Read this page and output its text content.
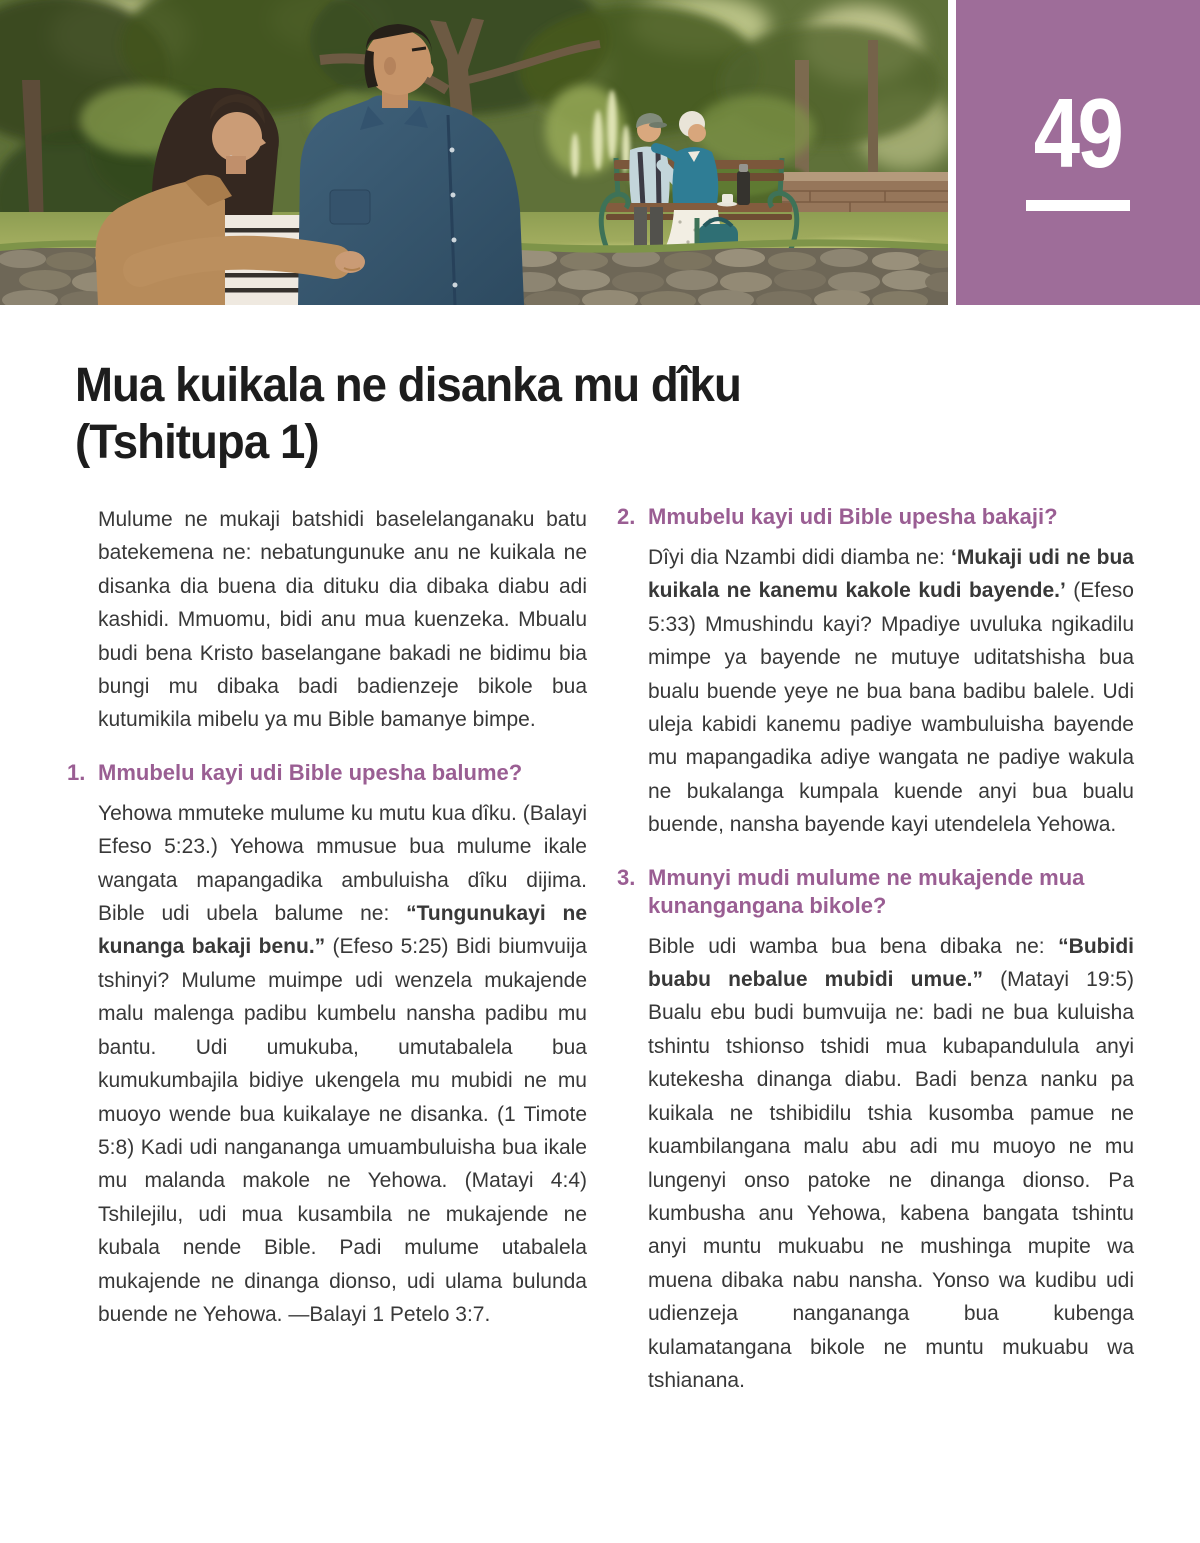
49
Mua kuikala ne disanka mu dîku
(Tshitupa 1)

Mulume ne mukaji batshidi baselelanganaku batu batekemena ne: nebatungunuke anu ne kuikala ne disanka dia buena dia dituku dia dibaka diabu adi kashidi. Mmuomu, bidi anu mua kuenzeka. Mbualu budi bena Kristo baselangane bakadi ne bidimu bia bungi mu dibaka badi badienzeje bikole bua kutumikila mibelu ya mu Bible bamanye bimpe.

1. Mmubelu kayi udi Bible upesha balume?

Yehowa mmuteke mulume ku mutu kua dîku. (Balayi Efeso 5:23.) Yehowa mmusue bua mulume ikale wangata mapangadika ambuluisha dîku dijima. Bible udi ubela balume ne: “Tungunukayi ne kunanga bakaji benu.” (Efeso 5:25) Bidi biumvuija tshinyi? Mulume muimpe udi wenzela mukajende malu malenga padibu kumbelu nansha padibu mu bantu. Udi umukuba, umutabalela bua kumukumbajila bidiye ukengela mu mubidi ne mu muoyo wende bua kuikalaye ne disanka. (1 Timote 5:8) Kadi udi nangananga umuambuluisha bua ikale mu malanda makole ne Yehowa. (Matayi 4:4) Tshilejilu, udi mua kusambila ne mukajende ne kubala nende Bible. Padi mulume utabalela mukajende ne dinanga dionso, udi ulama bulunda buende ne Yehowa. —Balayi 1 Petelo 3:7.

2. Mmubelu kayi udi Bible upesha bakaji?

Dîyi dia Nzambi didi diamba ne: ‘Mukaji udi ne bua kuikala ne kanemu kakole kudi bayende.’ (Efeso 5:33) Mmushindu kayi? Mpadiye uvuluka ngikadilu mimpe ya bayende ne mutuye uditatshisha bua bualu buende yeye ne bua bana badibu balele. Udi uleja kabidi kanemu padiye wambuluisha bayende mu mapangadika adiye wangata ne padiye wakula ne bukalanga kumpala kuende anyi bua bualu buende, nansha bayende kayi utendelela Yehowa.

3. Mmunyi mudi mulume ne mukajende mua kunangangana bikole?

Bible udi wamba bua bena dibaka ne: “Bubidi buabu nebalue mubidi umue.” (Matayi 19:5) Bualu ebu budi bumvuija ne: badi ne bua kuluisha tshintu tshionso tshidi mua kubapandulula anyi kutekesha dinanga diabu. Badi benza nanku pa kuikala ne tshibidilu tshia kusomba pamue ne kuambilangana malu abu adi mu muoyo ne mu lungenyi onso patoke ne dinanga dionso. Pa kumbusha anu Yehowa, kabena bangata tshintu anyi muntu mukuabu ne mushinga mupite wa muena dibaka nabu nansha. Yonso wa kudibu udi udienzeja nangananga bua kubenga kulamatangana bikole ne muntu mukuabu wa tshianana.
